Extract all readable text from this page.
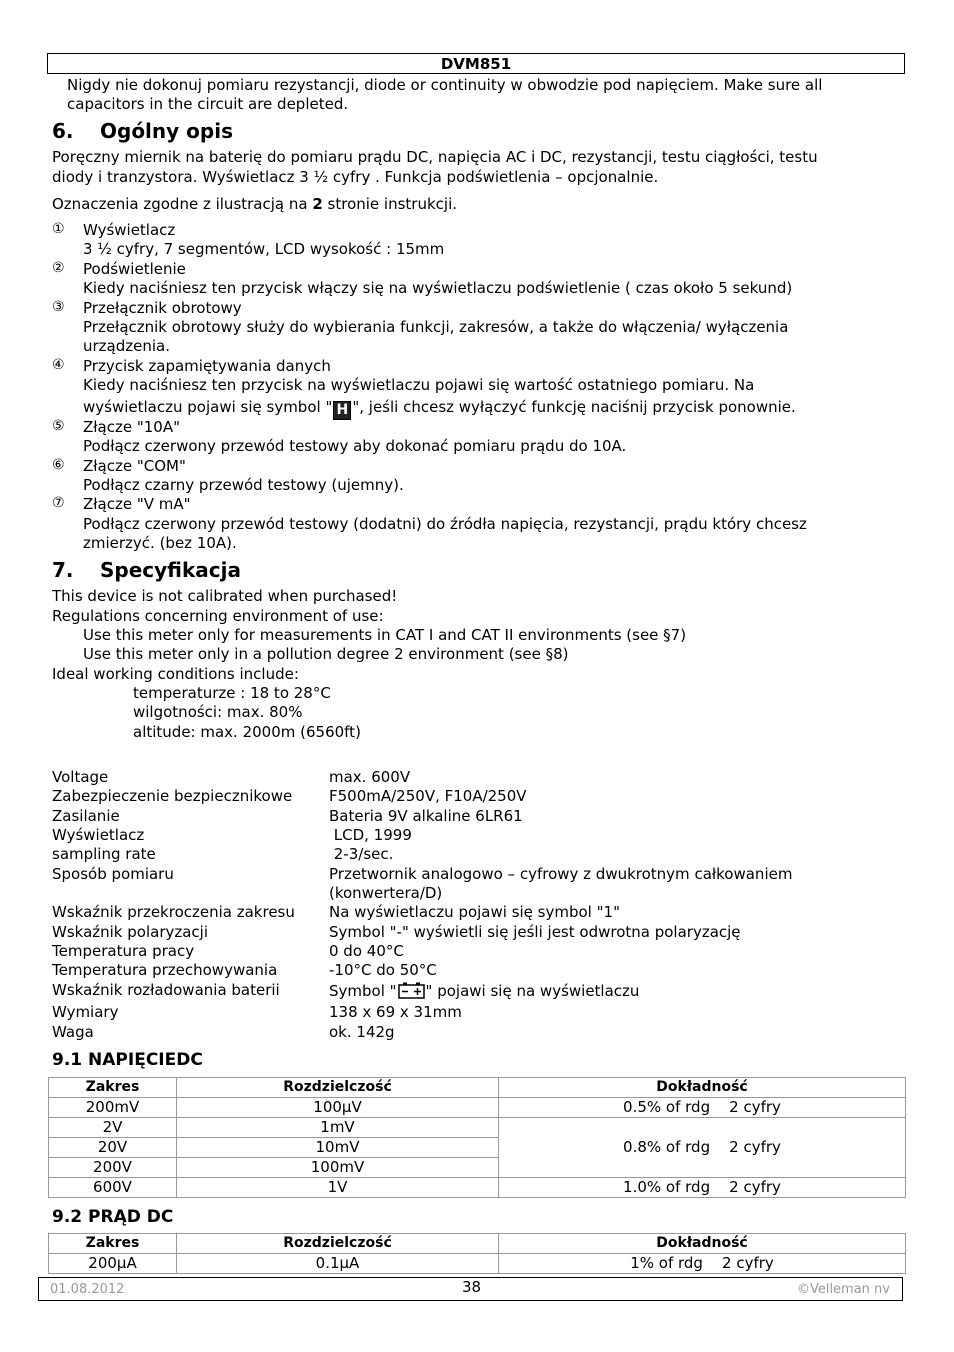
DVM851
Nigdy nie dokonuj pomiaru rezystancji, diode or continuity w obwodzie pod napięciem. Make sure all
capacitors in the circuit are depleted.
6. Ogólny opis
Poręczny miernik na baterię do pomiaru prądu DC, napięcia AC i DC, rezystancji, testu ciągłości, testu
diody i tranzystora. Wyświetlacz 3 ½ cyfry . Funkcja podświetlenia – opcjonalnie.
Oznaczenia zgodne z ilustracją na 2 stronie instrukcji.
① Wyświetlacz
3 ½ cyfry, 7 segmentów, LCD wysokość : 15mm
② Podświetlenie
Kiedy naciśniesz ten przycisk włączy się na wyświetlaczu podświetlenie ( czas około 5 sekund)
③ Przełącznik obrotowy
Przełącznik obrotowy służy do wybierania funkcji, zakresów, a także do włączenia/ wyłączenia
urządzenia.
④ Przycisk zapamiętywania danych
Kiedy naciśniesz ten przycisk na wyświetlaczu pojawi się wartość ostatniego pomiaru. Na
wyświetlaczu pojawi się symbol " H ", jeśli chcesz wyłączyć funkcję naciśnij przycisk ponownie.
⑤ Złącze "10A"
Podłącz czerwony przewód testowy aby dokonać pomiaru prądu do 10A.
⑥ Złącze "COM"
Podłącz czarny przewód testowy (ujemny).
⑦ Złącze "V mA"
Podłącz czerwony przewód testowy (dodatni) do źródła napięcia, rezystancji, prądu który chcesz
zmierzyć. (bez 10A).
7. Specyfikacja
This device is not calibrated when purchased!
Regulations concerning environment of use:
Use this meter only for measurements in CAT I and CAT II environments (see §7)
Use this meter only in a pollution degree 2 environment (see §8)
Ideal working conditions include:
temperaturze : 18 to 28°C
wilgotności: max. 80%
altitude: max. 2000m (6560ft)
Voltage	max. 600V
Zabezpieczenie bezpiecznikowe F500mA/250V, F10A/250V
Zasilanie	Bateria 9V alkaline 6LR61
Wyświetlacz	LCD, 1999
sampling rate	2-3/sec.
Sposób pomiaru	Przetwornik analogowo – cyfrowy z dwukrotnym całkowaniem
(konwertera/D)
Wskaźnik przekroczenia zakresu Na wyświetlaczu pojawi się symbol "1"
Wskaźnik polaryzacji	Symbol "-" wyświetli się jeśli jest odwrotna polaryzację
Temperatura pracy	0 do 40°C
Temperatura przechowywania	-10°C do 50°C
Wskaźnik rozładowania baterii	Symbol " " pojawi się na wyświetlaczu
Wymiary	138 x 69 x 31mm
Waga	ok. 142g
9.1 NAPIĘCIEDC
Zakres	Rozdzielczość	Dokładność
200mV	100µV	0.5% of rdg    2 cyfry
2V	1mV	0.8% of rdg    2 cyfry
20V	10mV	
200V	100mV	
600V	1V	1.0% of rdg    2 cyfry
9.2 PRĄD DC
Zakres	Rozdzielczość	Dokładność
200µA	0.1µA	1% of rdg    2 cyfry
01.08.2012	38	©Velleman nv
